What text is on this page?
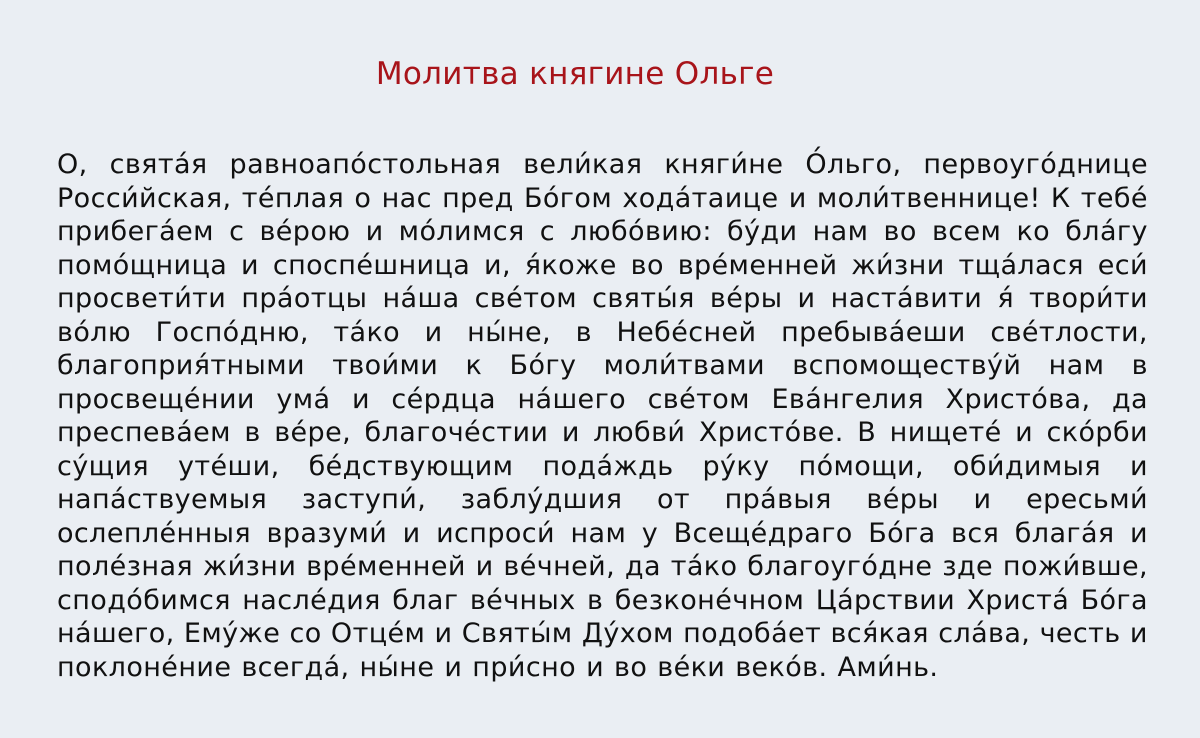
Молитва княгине Ольге
О, свята́я равноапо́стольная вели́кая княги́не О́льго, первоуго́днице
Росси́йская, те́плая о нас пред Бо́гом хода́таице и моли́твеннице! К тебе́
прибега́ем с ве́рою и мо́лимся с любо́вию: бу́ди нам во всем ко бла́гу
помо́щница и споспе́шница и, я́коже во вре́менней жи́зни тща́лася еси́
просвети́ти пра́отцы на́ша све́том святы́я ве́ры и наста́вити я́ твори́ти
во́лю Госпо́дню, та́ко и ны́не, в Небе́сней пребыва́еши све́тлости,
благоприя́тными твои́ми к Бо́гу моли́твами вспомоществу́й нам в
просвеще́нии ума́ и се́рдца на́шего све́том Ева́нгелия Христо́ва, да
преспева́ем в ве́ре, благоче́стии и любви́ Христо́ве. В нищете́ и ско́рби
су́щия уте́ши, бе́дствующим пода́ждь ру́ку по́мощи, оби́димыя и
напа́ствуемыя заступи́, заблу́дшия от пра́выя ве́ры и ересьми́
ослепле́нныя вразуми́ и испроси́ нам у Всеще́драго Бо́га вся блага́я и
поле́зная жи́зни вре́менней и ве́чней, да та́ко благоуго́дне зде пожи́вше,
сподо́бимся насле́дия благ ве́чных в безконе́чном Ца́рствии Христа́ Бо́га
на́шего, Ему́же со Отце́м и Святы́м Ду́хом подоба́ет вся́кая сла́ва, честь и
поклоне́ние всегда́, ны́не и при́сно и во ве́ки веко́в. Ами́нь.
